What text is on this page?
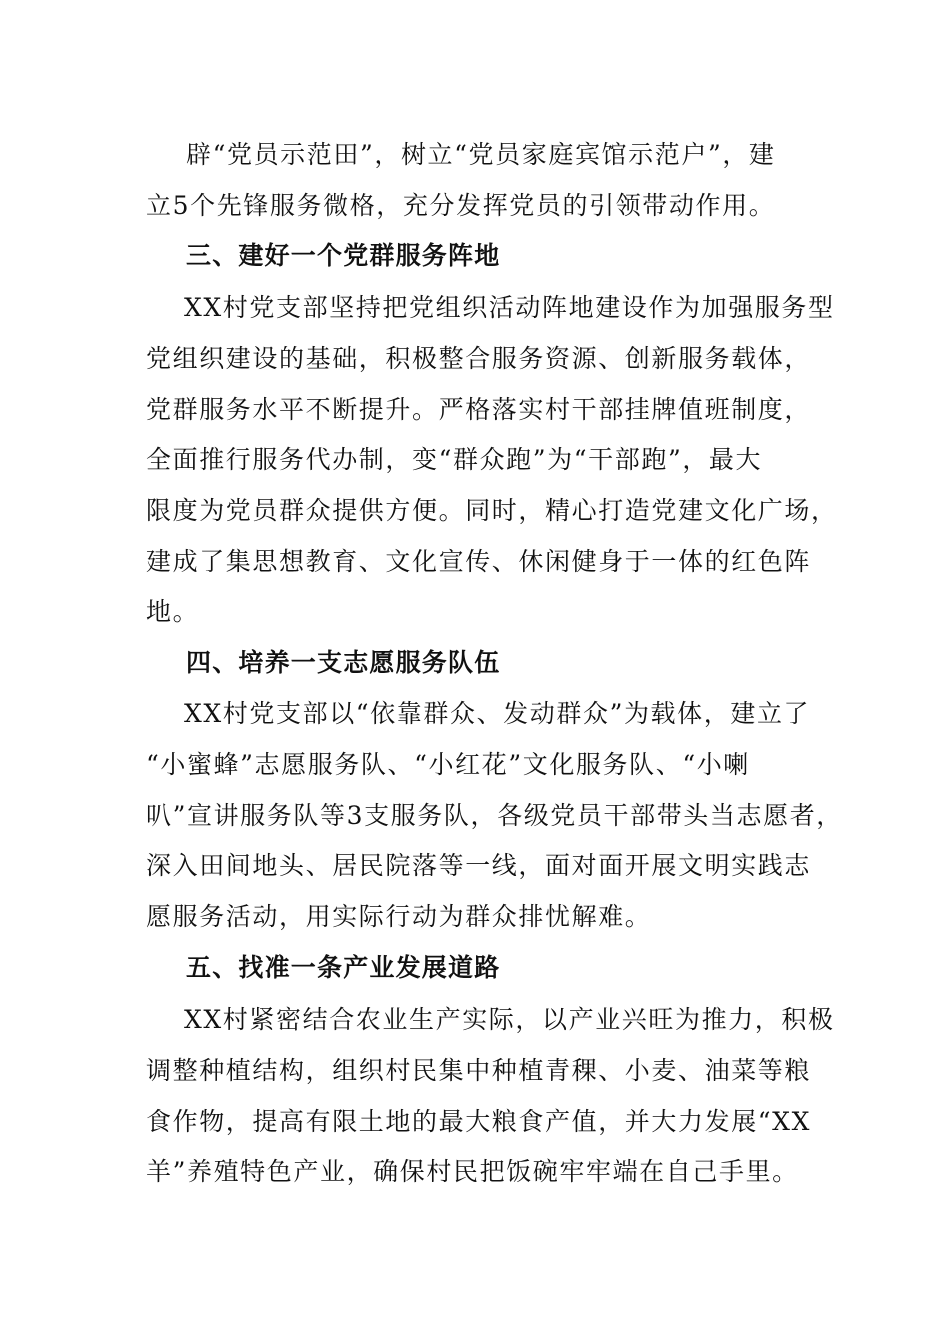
辟“党员示范田”，树立“党员家庭宾馆示范户”，建
立5个先锋服务微格，充分发挥党员的引领带动作用。
三、建好一个党群服务阵地
XX村党支部坚持把党组织活动阵地建设作为加强服务型
党组织建设的基础，积极整合服务资源、创新服务载体，
党群服务水平不断提升。严格落实村干部挂牌值班制度，
全面推行服务代办制，变“群众跑”为“干部跑”，最大
限度为党员群众提供方便。同时，精心打造党建文化广场，
建成了集思想教育、文化宣传、休闲健身于一体的红色阵
地。
四、培养一支志愿服务队伍
XX村党支部以“依靠群众、发动群众”为载体，建立了
“小蜜蜂”志愿服务队、“小红花”文化服务队、“小喇
叭”宣讲服务队等3支服务队，各级党员干部带头当志愿者，
深入田间地头、居民院落等一线，面对面开展文明实践志
愿服务活动，用实际行动为群众排忧解难。
五、找准一条产业发展道路
XX村紧密结合农业生产实际，以产业兴旺为推力，积极
调整种植结构，组织村民集中种植青稞、小麦、油菜等粮
食作物，提高有限土地的最大粮食产值，并大力发展“XX
羊”养殖特色产业，确保村民把饭碗牢牢端在自己手里。
